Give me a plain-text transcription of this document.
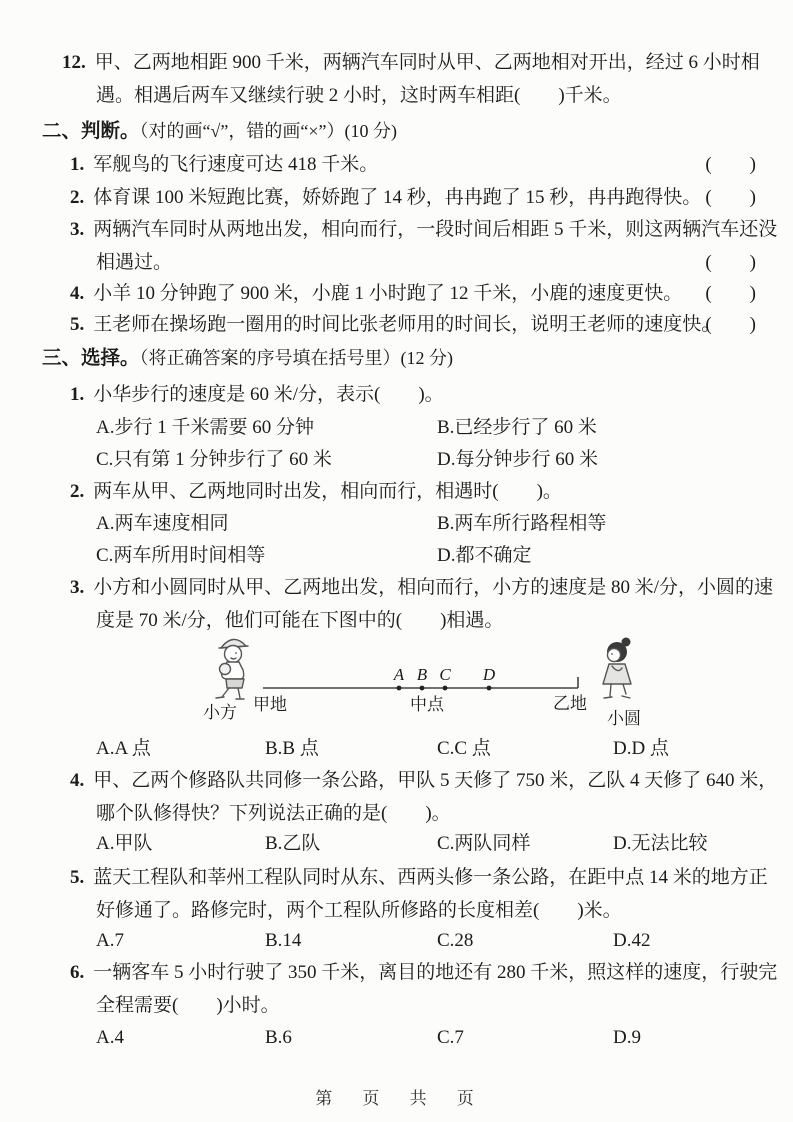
12. 甲、乙两地相距 900 千米，两辆汽车同时从甲、乙两地相对开出，经过 6 小时相
遇。相遇后两车又继续行驶 2 小时，这时两车相距(        )千米。
二、判断。（对的画“√”，错的画“×”）(10 分)
1. 军舰鸟的飞行速度可达 418 千米。	(        )
2. 体育课 100 米短跑比赛，娇娇跑了 14 秒，冉冉跑了 15 秒，冉冉跑得快。 (        )
3. 两辆汽车同时从两地出发，相向而行，一段时间后相距 5 千米，则这两辆汽车还没
相遇过。	(        )
4. 小羊 10 分钟跑了 900 米，小鹿 1 小时跑了 12 千米，小鹿的速度更快。 (        )
5. 王老师在操场跑一圈用的时间比张老师用的时间长，说明王老师的速度快。
(        )
三、选择。（将正确答案的序号填在括号里）(12 分)
1. 小华步行的速度是 60 米/分，表示(        )。
A.步行 1 千米需要 60 分钟	B.已经步行了 60 米
C.只有第 1 分钟步行了 60 米	D.每分钟步行 60 米
2. 两车从甲、乙两地同时出发，相向而行，相遇时(        )。
A.两车速度相同	B.两车所行路程相等
C.两车所用时间相等	D.都不确定
3. 小方和小圆同时从甲、乙两地出发，相向而行，小方的速度是 80 米/分，小圆的速
度是 70 米/分，他们可能在下图中的(        )相遇。
A B C D
甲地	乙地
中点
小方	小圆
A.A 点	B.B 点	C.C 点	D.D 点
4. 甲、乙两个修路队共同修一条公路，甲队 5 天修了 750 米，乙队 4 天修了 640 米，
哪个队修得快？下列说法正确的是(        )。
A.甲队	B.乙队	C.两队同样	D.无法比较
5. 蓝天工程队和莘州工程队同时从东、西两头修一条公路，在距中点 14 米的地方正
好修通了。路修完时，两个工程队所修路的长度相差(        )米。
A.7	B.14	C.28	D.42
6. 一辆客车 5 小时行驶了 350 千米，离目的地还有 280 千米，照这样的速度，行驶完
全程需要(        )小时。
A.4	B.6	C.7	D.9
第   页   共   页
